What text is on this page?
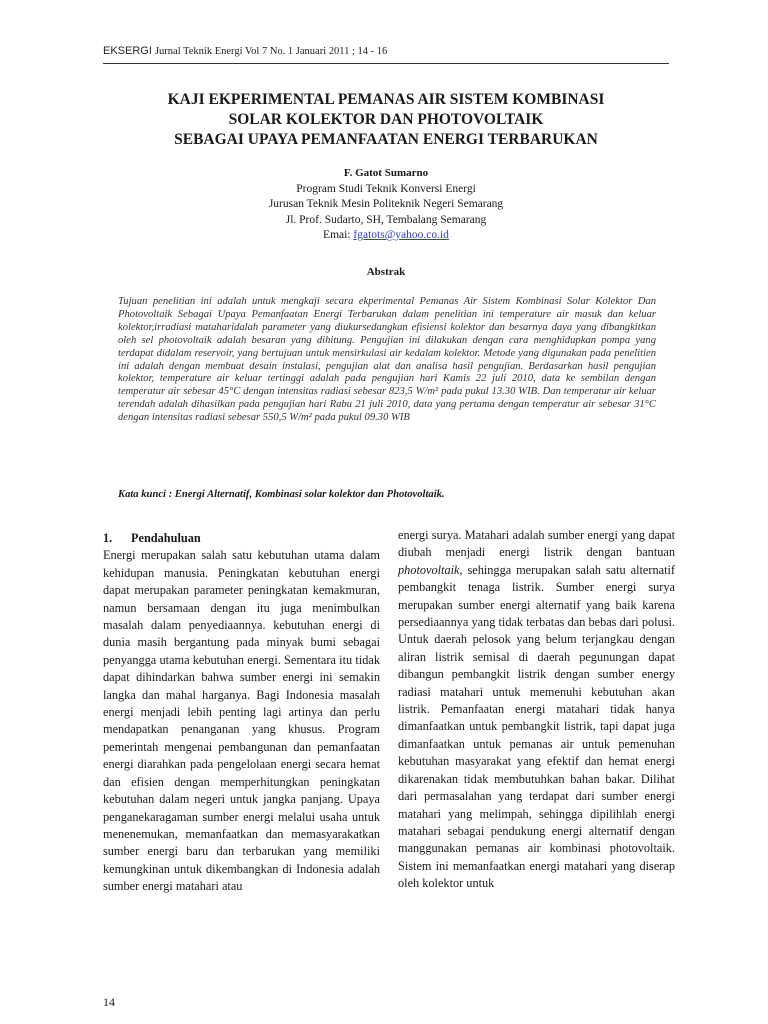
EKSERGI Jurnal Teknik Energi Vol 7 No. 1 Januari 2011 ; 14 - 16
KAJI EKPERIMENTAL PEMANAS AIR SISTEM KOMBINASI
SOLAR KOLEKTOR DAN PHOTOVOLTAIK
SEBAGAI UPAYA PEMANFAATAN ENERGI TERBARUKAN
F. Gatot Sumarno
Program Studi Teknik Konversi Energi
Jurusan Teknik Mesin Politeknik Negeri Semarang
Jl. Prof. Sudarto, SH, Tembalang Semarang
Emai: fgatots@yahoo.co.id
Abstrak
Tujuan penelitian ini adalah untuk mengkaji secara ekperimental Pemanas Air Sistem Kombinasi Solar Kolektor Dan Photovoltaik Sebagai Upaya Pemanfaatan Energi Terbarukan dalam penelitian ini temperature air masuk dan keluar kolektor,irradiasi mataharidalah parameter yang diukursedangkan efisiensi kolektor dan besarnya daya yang dibangkitkan oleh sel photovoltaik adalah besaran yang dihitung. Pengujian ini dilakukan dengan cara menghidupkan pompa yang terdapat didalam reservoir, yang bertujuan untuk mensirkulasi air kedalam kolektor. Metode yang digunakan pada penelitien ini adalah dengan membuat desain instalasi, pengujian alat dan analisa hasil pengujian. Berdasarkan hasil pengujian kolektor, temperature air keluar tertinggi adalah pada pengujian hari Kamis 22 juli 2010, data ke sembilan dengan temperatur air sebesar 45°C dengan intensitas radiasi sebesar 823,5 W/m² pada pukul 13.30 WIB. Dan temperatur air keluar terendah adalah dihasilkan pada pengujian hari Rabu 21 juli 2010, data yang pertama dengan temperatur air sebesar 31°C dengan intensitas radiasi sebesar 550,5 W/m² pada pukul 09.30 WIB
Kata kunci : Energi Alternatif, Kombinasi solar kolektor dan Photovoltaik.
1. Pendahuluan

Energi merupakan salah satu kebutuhan utama dalam kehidupan manusia. Peningkatan kebutuhan energi dapat merupakan parameter peningkatan kemakmuran, namun bersamaan dengan itu juga menimbulkan masalah dalam penyediaannya. kebutuhan energi di dunia masih bergantung pada minyak bumi sebagai penyangga utama kebutuhan energi. Sementara itu tidak dapat dihindarkan bahwa sumber energi ini semakin langka dan mahal harganya. Bagi Indonesia masalah energi menjadi lebih penting lagi artinya dan perlu mendapatkan penanganan yang khusus. Program pemerintah mengenai pembangunan dan pemanfaatan energi diarahkan pada pengelolaan energi secara hemat dan efisien dengan memperhitungkan peningkatan kebutuhan dalam negeri untuk jangka panjang. Upaya penganekaragaman sumber energi melalui usaha untuk menenemukan, memanfaatkan dan memasyarakatkan sumber energi baru dan terbarukan yang memiliki kemungkinan untuk dikembangkan di Indonesia adalah sumber energi matahari atau

energi surya. Matahari adalah sumber energi yang dapat diubah menjadi energi listrik dengan bantuan photovoltaik, sehingga merupakan salah satu alternatif pembangkit tenaga listrik. Sumber energi surya merupakan sumber energi alternatif yang baik karena persediaannya yang tidak terbatas dan bebas dari polusi. Untuk daerah pelosok yang belum terjangkau dengan aliran listrik semisal di daerah pegunungan dapat dibangun pembangkit listrik dengan sumber energy radiasi matahari untuk memenuhi kebutuhan akan listrik. Pemanfaatan energi matahari tidak hanya dimanfaatkan untuk pembangkit listrik, tapi dapat juga dimanfaatkan untuk pemanas air untuk pemenuhan kebutuhan masyarakat yang efektif dan hemat energi dikarenakan tidak membutuhkan bahan bakar. Dilihat dari permasalahan yang terdapat dari sumber energi matahari yang melimpah, sehingga dipilihlah energi matahari sebagai pendukung energi alternatif dengan manggunakan pemanas air kombinasi photovoltaik. Sistem ini memanfaatkan energi matahari yang diserap oleh kolektor untuk

14
